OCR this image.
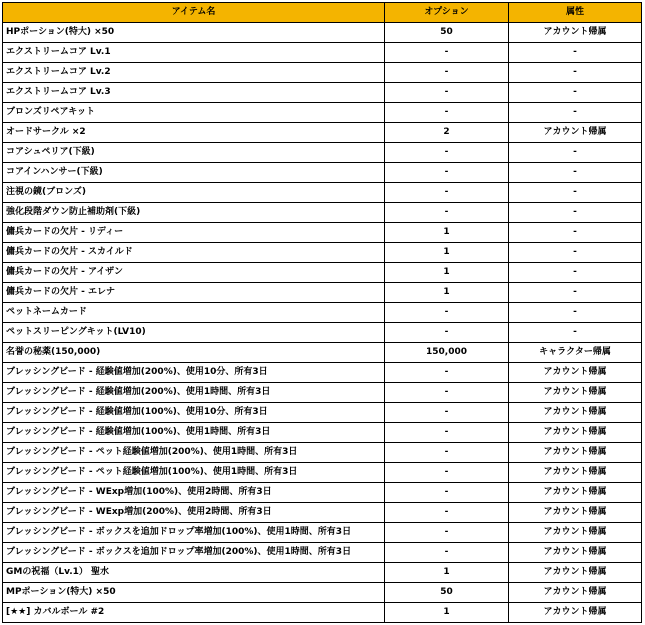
アイテム名	オプション	属性
HPポーション(特大) ×50	50	アカウント帰属
エクストリームコア Lv.1	-	-
エクストリームコア Lv.2	-	-
エクストリームコア Lv.3	-	-
ブロンズリペアキット	-	-
オードサークル ×2	2	アカウント帰属
コアシュペリア(下級)	-	-
コアインハンサー(下級)	-	-
注視の鏡(ブロンズ)	-	-
強化段階ダウン防止補助剤(下級)	-	-
傭兵カードの欠片 - リディー	1	-
傭兵カードの欠片 - スカイルド	1	-
傭兵カードの欠片 - アイザン	1	-
傭兵カードの欠片 - エレナ	1	-
ペットネームカード	-	-
ペットスリーピングキット(LV10)	-	-
名誉の秘薬(150,000)	150,000	キャラクター帰属
ブレッシングビード - 経験値増加(200%)、使用10分、所有3日	-	アカウント帰属
ブレッシングビード - 経験値増加(200%)、使用1時間、所有3日	-	アカウント帰属
ブレッシングビード - 経験値増加(100%)、使用10分、所有3日	-	アカウント帰属
ブレッシングビード - 経験値増加(100%)、使用1時間、所有3日	-	アカウント帰属
ブレッシングビード - ペット経験値増加(200%)、使用1時間、所有3日	-	アカウント帰属
ブレッシングビード - ペット経験値増加(100%)、使用1時間、所有3日	-	アカウント帰属
ブレッシングビード - WExp増加(100%)、使用2時間、所有3日	-	アカウント帰属
ブレッシングビード - WExp増加(200%)、使用2時間、所有3日	-	アカウント帰属
ブレッシングビード - ボックスを追加ドロップ率増加(100%)、使用1時間、所有3日	-	アカウント帰属
ブレッシングビード - ボックスを追加ドロップ率増加(200%)、使用1時間、所有3日	-	アカウント帰属
GMの祝福（Lv.1） 聖水	1	アカウント帰属
MPポーション(特大) ×50	50	アカウント帰属
[★★] カバルボール #2	1	アカウント帰属
